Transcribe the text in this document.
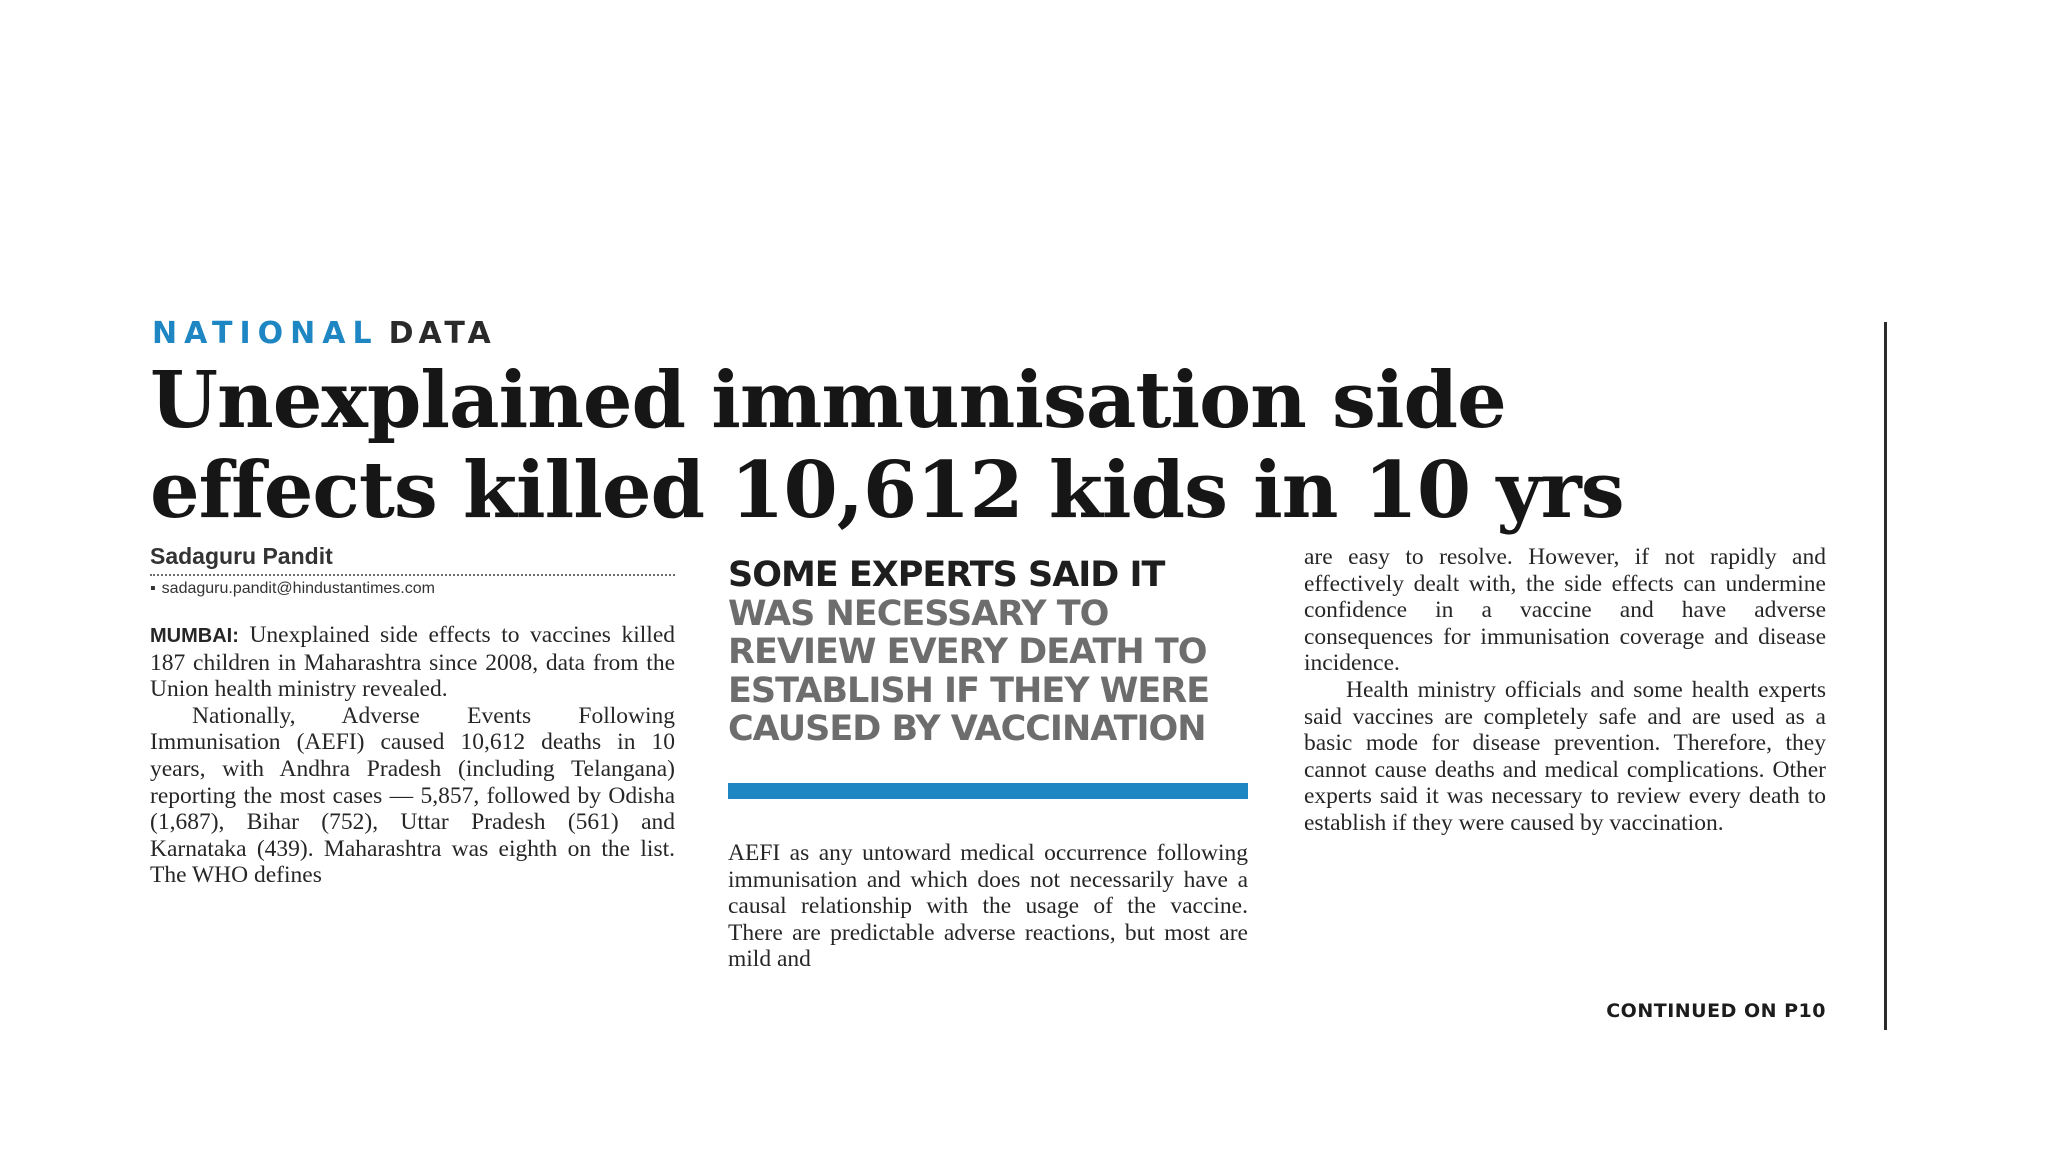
NATIONAL DATA
Unexplained immunisation side
effects killed 10,612 kids in 10 yrs
Sadaguru Pandit
▪ sadaguru.pandit@hindustantimes.com

MUMBAI: Unexplained side effects to vaccines killed 187 children in Maharashtra since 2008, data from the Union health ministry revealed.

Nationally, Adverse Events Following Immunisation (AEFI) caused 10,612 deaths in 10 years, with Andhra Pradesh (including Telangana) reporting the most cases — 5,857, followed by Odisha (1,687), Bihar (752), Uttar Pradesh (561) and Karnataka (439). Maharashtra was eighth on the list. The WHO defines

SOME EXPERTS SAID IT
WAS NECESSARY TO REVIEW EVERY DEATH TO ESTABLISH IF THEY WERE CAUSED BY VACCINATION

AEFI as any untoward medical occurrence following immunisation and which does not necessarily have a causal relationship with the usage of the vaccine. There are predictable adverse reactions, but most are mild and

are easy to resolve. However, if not rapidly and effectively dealt with, the side effects can undermine confidence in a vaccine and have adverse consequences for immunisation coverage and disease incidence.

Health ministry officials and some health experts said vaccines are completely safe and are used as a basic mode for disease prevention. Therefore, they cannot cause deaths and medical complications. Other experts said it was necessary to review every death to establish if they were caused by vaccination.

CONTINUED ON P10
